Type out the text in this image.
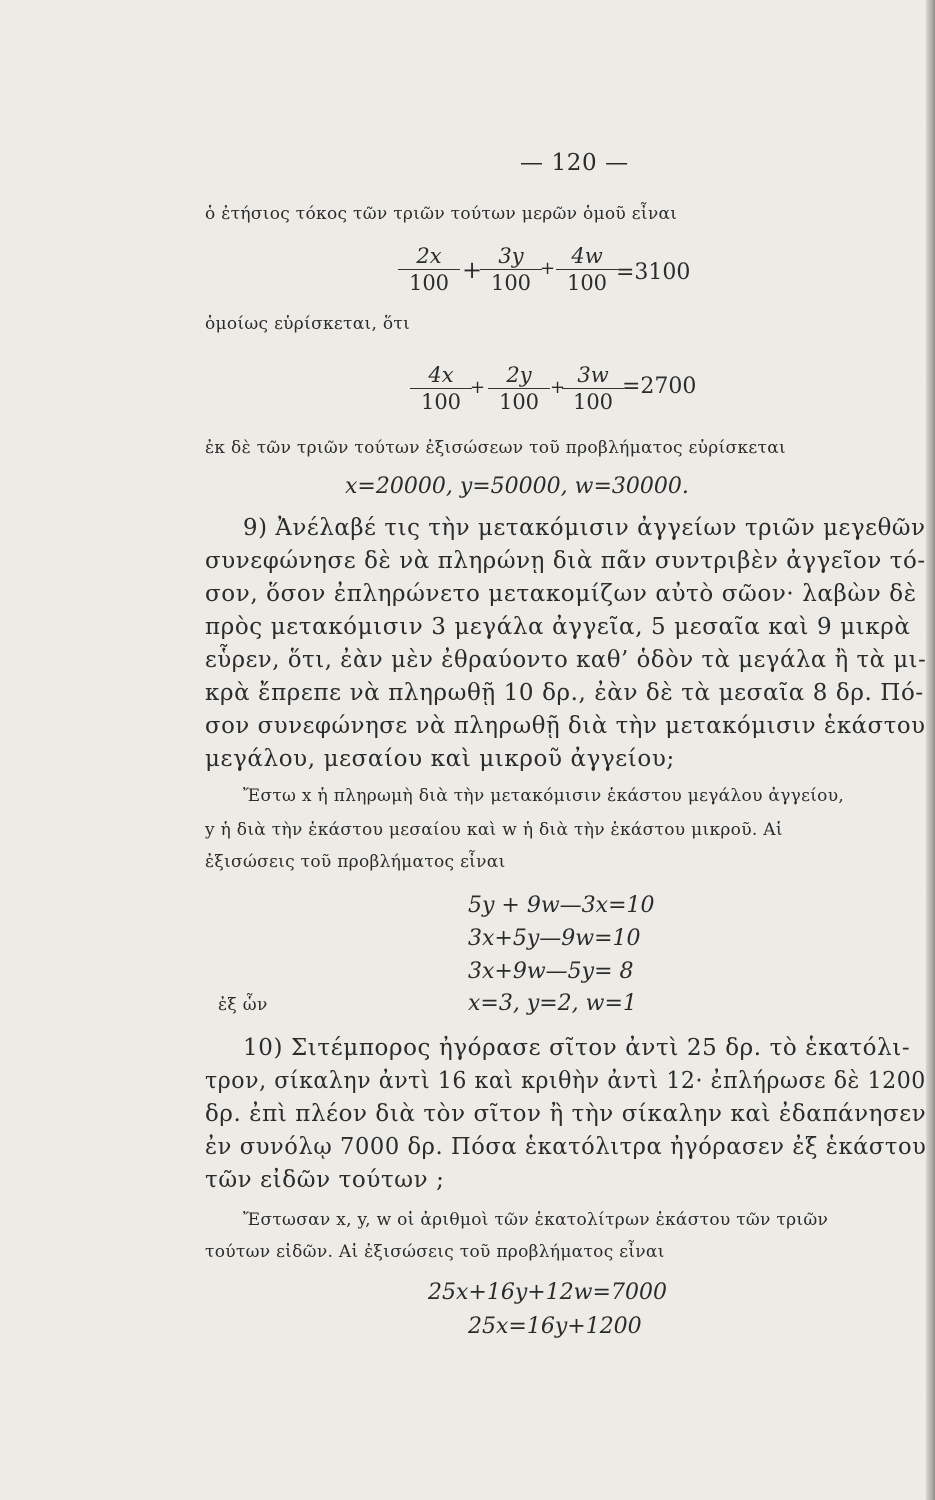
— 120 —
ὁ ἐτήσιος τόκος τῶν τριῶν τούτων μερῶν ὁμοῦ εἶναι
2x
100 + 3y
100
+
4w
100 =3100
ὁμοίως εὑρίσκεται, ὅτι
4x
100
+
2y
100
+
3w
100
=2700
ἐκ δὲ τῶν τριῶν τούτων ἐξισώσεων τοῦ προβλήματος εὑρίσκεται
x=20000, y=50000, w=30000.
9) Ἀνέλαβέ τις τὴν μετακόμισιν ἀγγείων τριῶν μεγεθῶν
συνεφώνησε δὲ νὰ πληρώνῃ διὰ πᾶν συντριβὲν ἀγγεῖον τό-
σον, ὅσον ἐπληρώνετο μετακομίζων αὐτὸ σῶον· λαβὼν δὲ
πρὸς μετακόμισιν 3 μεγάλα ἀγγεῖα, 5 μεσαῖα καὶ 9 μικρὰ
εὗρεν, ὅτι, ἐὰν μὲν ἐθραύοντο καθ’ ὁδὸν τὰ μεγάλα ἢ τὰ μι-
κρὰ ἔπρεπε νὰ πληρωθῇ 10 δρ., ἐὰν δὲ τὰ μεσαῖα 8 δρ. Πό-
σον συνεφώνησε νὰ πληρωθῇ διὰ τὴν μετακόμισιν ἑκάστου
μεγάλου, μεσαίου καὶ μικροῦ ἀγγείου;
Ἔστω x ἡ πληρωμὴ διὰ τὴν μετακόμισιν ἑκάστου μεγάλου ἀγγείου,
y ἡ διὰ τὴν ἑκάστου μεσαίου καὶ w ἡ διὰ τὴν ἑκάστου μικροῦ. Αἱ
ἐξισώσεις τοῦ προβλήματος εἶναι
5y + 9w—3x=10
3x+5y—9w=10
3x+9w—5y= 8
ἐξ ὧν	x=3, y=2, w=1
10) Σιτέμπορος ἠγόρασε σῖτον ἀντὶ 25 δρ. τὸ ἑκατόλι-
τρον, σίκαλην ἀντὶ 16 καὶ κριθὴν ἀντὶ 12· ἐπλήρωσε δὲ 1200
δρ. ἐπὶ πλέον διὰ τὸν σῖτον ἢ τὴν σίκαλην καὶ ἐδαπάνησεν
ἐν συνόλῳ 7000 δρ. Πόσα ἑκατόλιτρα ἠγόρασεν ἐξ ἑκάστου
τῶν εἰδῶν τούτων ;
Ἔστωσαν x, y, w οἱ ἀριθμοὶ τῶν ἑκατολίτρων ἑκάστου τῶν τριῶν
τούτων εἰδῶν. Αἱ ἐξισώσεις τοῦ προβλήματος εἶναι
25x+16y+12w=7000
25x=16y+1200
